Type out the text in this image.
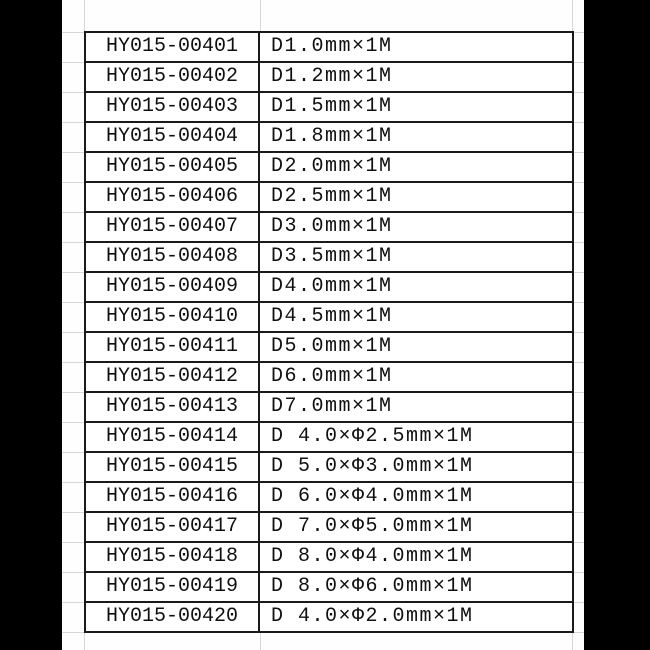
HY015-00401	D1.0mm×1M
HY015-00402	D1.2mm×1M
HY015-00403	D1.5mm×1M
HY015-00404	D1.8mm×1M
HY015-00405	D2.0mm×1M
HY015-00406	D2.5mm×1M
HY015-00407	D3.0mm×1M
HY015-00408	D3.5mm×1M
HY015-00409	D4.0mm×1M
HY015-00410	D4.5mm×1M
HY015-00411	D5.0mm×1M
HY015-00412	D6.0mm×1M
HY015-00413	D7.0mm×1M
HY015-00414	D 4.0×Φ2.5mm×1M
HY015-00415	D 5.0×Φ3.0mm×1M
HY015-00416	D 6.0×Φ4.0mm×1M
HY015-00417	D 7.0×Φ5.0mm×1M
HY015-00418	D 8.0×Φ4.0mm×1M
HY015-00419	D 8.0×Φ6.0mm×1M
HY015-00420	D 4.0×Φ2.0mm×1M
